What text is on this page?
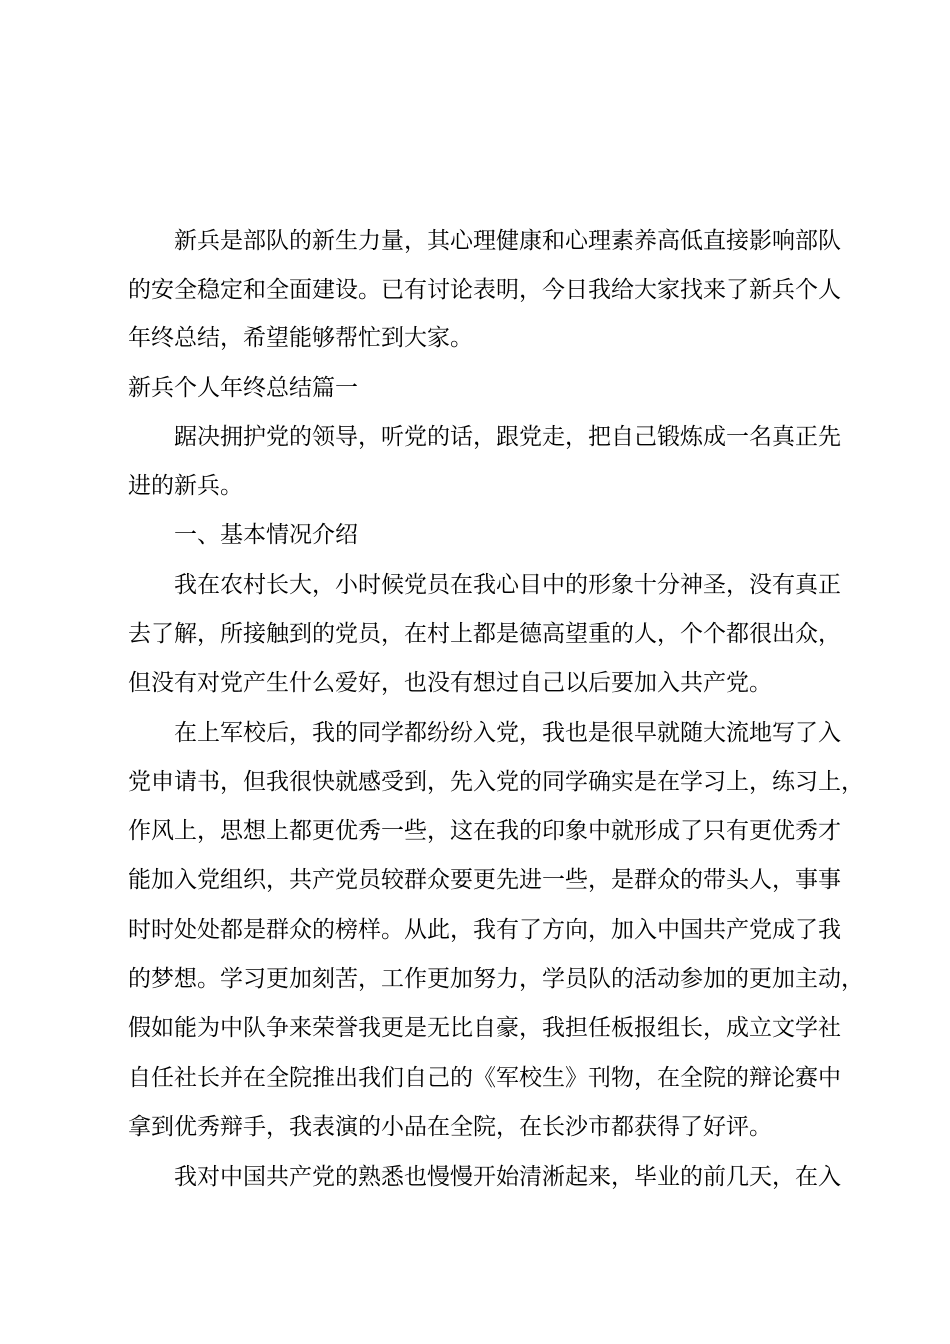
新兵是部队的新生力量，其心理健康和心理素养高低直接影响部队
的安全稳定和全面建设。已有讨论表明，今日我给大家找来了新兵个人
年终总结，希望能够帮忙到大家。
新兵个人年终总结篇一
踞决拥护党的领导，听党的话，跟党走，把自己锻炼成一名真正先
进的新兵。
一、基本情况介绍
我在农村长大，小时候党员在我心目中的形象十分神圣，没有真正
去了解，所接触到的党员，在村上都是德高望重的人，个个都很出众，
但没有对党产生什么爱好，也没有想过自己以后要加入共产党。
在上军校后，我的同学都纷纷入党，我也是很早就随大流地写了入
党申请书，但我很快就感受到，先入党的同学确实是在学习上，练习上，
作风上，思想上都更优秀一些，这在我的印象中就形成了只有更优秀才
能加入党组织，共产党员较群众要更先进一些，是群众的带头人，事事
时时处处都是群众的榜样。从此，我有了方向，加入中国共产党成了我
的梦想。学习更加刻苦，工作更加努力，学员队的活动参加的更加主动，
假如能为中队争来荣誉我更是无比自豪，我担任板报组长，成立文学社
自任社长并在全院推出我们自己的《军校生》刊物，在全院的辩论赛中
拿到优秀辩手，我表演的小品在全院，在长沙市都获得了好评。
我对中国共产党的熟悉也慢慢开始清淅起来，毕业的前几天，在入
